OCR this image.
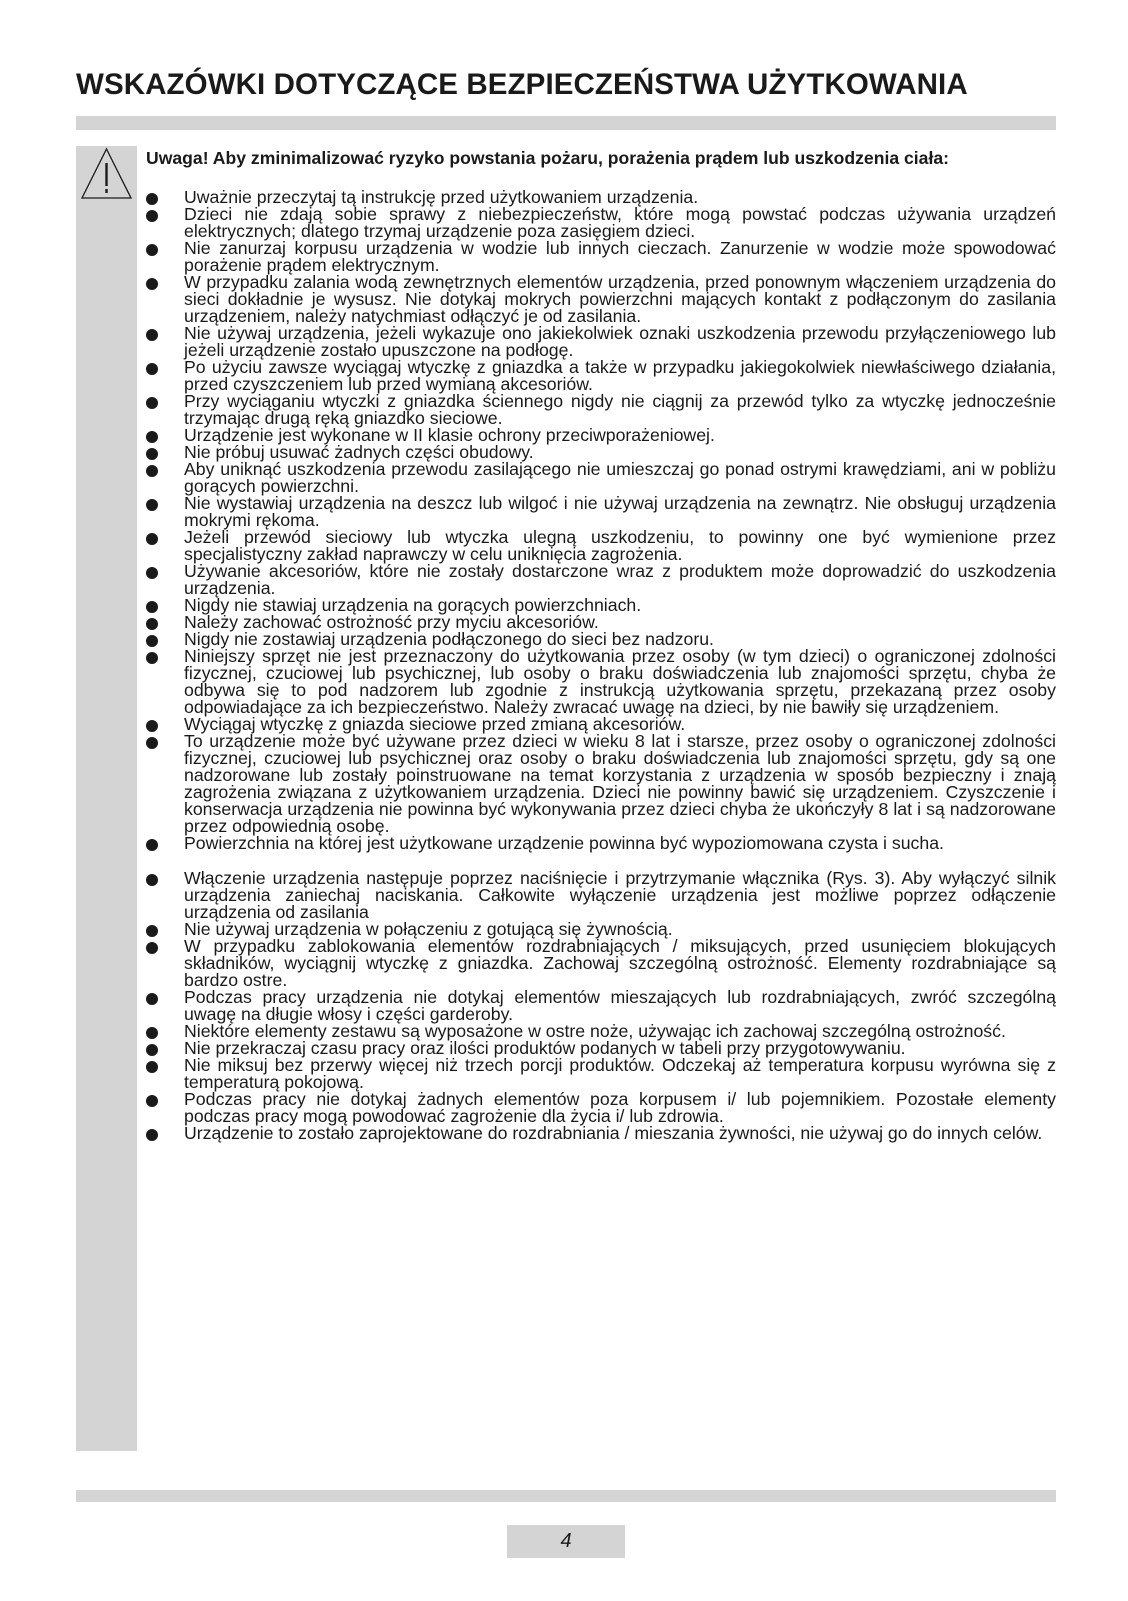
WSKAZÓWKI DOTYCZĄCE BEZPIECZEŃSTWA UŻYTKOWANIA

Uwaga! Aby zminimalizować ryzyko powstania pożaru, porażenia prądem lub uszkodzenia ciała:

Uważnie przeczytaj tą instrukcję przed użytkowaniem urządzenia.
Dzieci nie zdają sobie sprawy z niebezpieczeństw, które mogą powstać podczas używania urządzeń elektrycznych; dlatego trzymaj urządzenie poza zasięgiem dzieci.
Nie zanurzaj korpusu urządzenia w wodzie lub innych cieczach. Zanurzenie w wodzie może spowodować porażenie prądem elektrycznym.
W przypadku zalania wodą zewnętrznych elementów urządzenia, przed ponownym włączeniem urządzenia do sieci dokładnie je wysusz. Nie dotykaj mokrych powierzchni mających kontakt z podłączonym do zasilania urządzeniem, należy natychmiast odłączyć je od zasilania.
Nie używaj urządzenia, jeżeli wykazuje ono jakiekolwiek oznaki uszkodzenia przewodu przyłączeniowego lub jeżeli urządzenie zostało upuszczone na podłogę.
Po użyciu zawsze wyciągaj wtyczkę z gniazdka a także w przypadku jakiegokolwiek niewłaściwego działania, przed czyszczeniem lub przed wymianą akcesoriów.
Przy wyciąganiu wtyczki z gniazdka ściennego nigdy nie ciągnij za przewód tylko za wtyczkę jednocześnie trzymając drugą ręką gniazdko sieciowe.
Urządzenie jest wykonane w II klasie ochrony przeciwporażeniowej.
Nie próbuj usuwać żadnych części obudowy.
Aby uniknąć uszkodzenia przewodu zasilającego nie umieszczaj go ponad ostrymi krawędziami, ani w pobliżu gorących powierzchni.
Nie wystawiaj urządzenia na deszcz lub wilgoć i nie używaj urządzenia na zewnątrz. Nie obsługuj urządzenia mokrymi rękoma.
Jeżeli przewód sieciowy lub wtyczka ulegną uszkodzeniu, to powinny one być wymienione przez specjalistyczny zakład naprawczy w celu uniknięcia zagrożenia.
Używanie akcesoriów, które nie zostały dostarczone wraz z produktem może doprowadzić do uszkodzenia urządzenia.
Nigdy nie stawiaj urządzenia na gorących powierzchniach.
Należy zachować ostrożność przy myciu akcesoriów.
Nigdy nie zostawiaj urządzenia podłączonego do sieci bez nadzoru.
Niniejszy sprzęt nie jest przeznaczony do użytkowania przez osoby (w tym dzieci) o ograniczonej zdolności fizycznej, czuciowej lub psychicznej, lub osoby o braku doświadczenia lub znajomości sprzętu, chyba że odbywa się to pod nadzorem lub zgodnie z instrukcją użytkowania sprzętu, przekazaną przez osoby odpowiadające za ich bezpieczeństwo. Należy zwracać uwagę na dzieci, by nie bawiły się urządzeniem.
Wyciągaj wtyczkę z gniazda sieciowe przed zmianą akcesoriów.
To urządzenie może być używane przez dzieci w wieku 8 lat i starsze, przez osoby o ograniczonej zdolności fizycznej, czuciowej lub psychicznej oraz osoby o braku doświadczenia lub znajomości sprzętu, gdy są one nadzorowane lub zostały poinstruowane na temat korzystania z urządzenia w sposób bezpieczny i znają zagrożenia związana z użytkowaniem urządzenia. Dzieci nie powinny bawić się urządzeniem. Czyszczenie i konserwacja urządzenia nie powinna być wykonywania przez dzieci chyba że ukończyły 8 lat i są nadzorowane przez odpowiednią osobę.
Powierzchnia na której jest użytkowane urządzenie powinna być wypoziomowana czysta i sucha.
Włączenie urządzenia następuje poprzez naciśnięcie i przytrzymanie włącznika (Rys. 3). Aby wyłączyć silnik urządzenia zaniechaj naciskania. Całkowite wyłączenie urządzenia jest możliwe poprzez odłączenie urządzenia od zasilania
Nie używaj urządzenia w połączeniu z gotującą się żywnością.
W przypadku zablokowania elementów rozdrabniających / miksujących, przed usunięciem blokujących składników, wyciągnij wtyczkę z gniazdka. Zachowaj szczególną ostrożność. Elementy rozdrabniające są bardzo ostre.
Podczas pracy urządzenia nie dotykaj elementów mieszających lub rozdrabniających, zwróć szczególną uwagę na długie włosy i części garderoby.
Niektóre elementy zestawu są wyposażone w ostre noże, używając ich zachowaj szczególną ostrożność.
Nie przekraczaj czasu pracy oraz ilości produktów podanych w tabeli przy przygotowywaniu.
Nie miksuj bez przerwy więcej niż trzech porcji produktów. Odczekaj aż temperatura korpusu wyrówna się z temperaturą pokojową.
Podczas pracy nie dotykaj żadnych elementów poza korpusem i/ lub pojemnikiem. Pozostałe elementy podczas pracy mogą powodować zagrożenie dla życia i/ lub zdrowia.
Urządzenie to zostało zaprojektowane do rozdrabniania / mieszania żywności, nie używaj go do innych celów.
4
